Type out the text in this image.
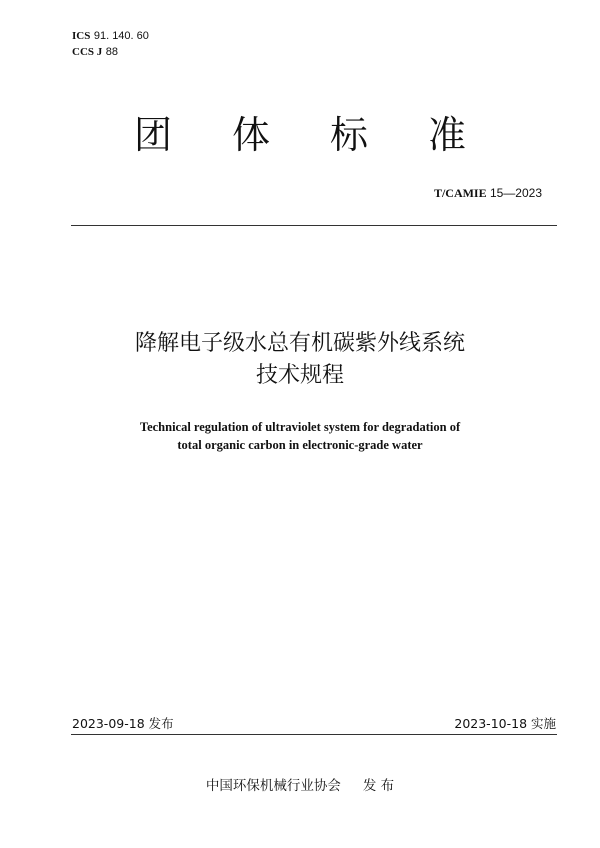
ICS 91. 140. 60
CCS J 88
团	体	标	准
T/CAMIE 15—2023
降解电子级水总有机碳紫外线系统
技术规程
Technical regulation of ultraviolet system for degradation of
total organic carbon in electronic-grade water
2023-09-18 发布	2023-10-18 实施
中国环保机械行业协会 发 布
